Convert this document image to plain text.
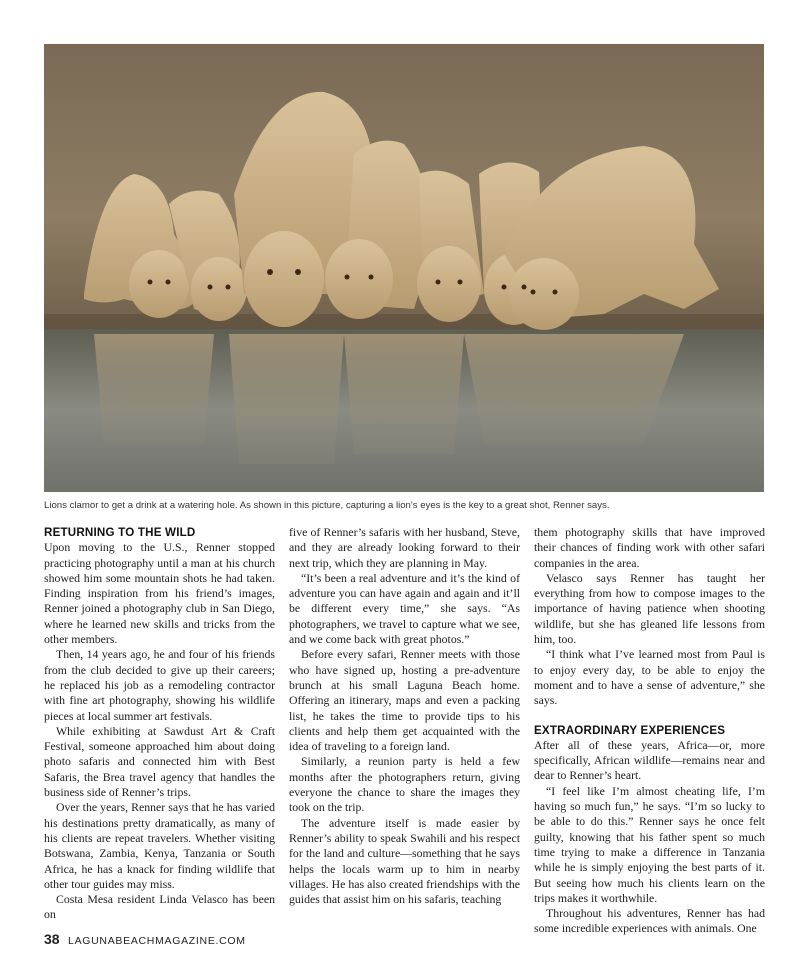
Lions clamor to get a drink at a watering hole. As shown in this picture, capturing a lion's eyes is the key to a great shot, Renner says.
RETURNING TO THE WILD

Upon moving to the U.S., Renner stopped practicing photography until a man at his church showed him some mountain shots he had taken. Finding inspiration from his friend’s images, Renner joined a photography club in San Diego, where he learned new skills and tricks from the other members.

Then, 14 years ago, he and four of his friends from the club decided to give up their careers; he replaced his job as a remodeling contractor with fine art photography, showing his wildlife pieces at local summer art festivals.

While exhibiting at Sawdust Art & Craft Festival, someone approached him about doing photo safaris and connected him with Best Safaris, the Brea travel agency that handles the business side of Renner’s trips.

Over the years, Renner says that he has varied his destinations pretty dramatically, as many of his clients are repeat travelers. Whether visiting Botswana, Zambia, Kenya, Tanzania or South Africa, he has a knack for finding wildlife that other tour guides may miss.

Costa Mesa resident Linda Velasco has been on

five of Renner’s safaris with her husband, Steve, and they are already looking forward to their next trip, which they are planning in May.

“It’s been a real adventure and it’s the kind of adventure you can have again and again and it’ll be different every time,” she says. “As photographers, we travel to capture what we see, and we come back with great photos.”

Before every safari, Renner meets with those who have signed up, hosting a pre-adventure brunch at his small Laguna Beach home. Offering an itinerary, maps and even a packing list, he takes the time to provide tips to his clients and help them get acquainted with the idea of traveling to a foreign land.

Similarly, a reunion party is held a few months after the photographers return, giving everyone the chance to share the images they took on the trip.

The adventure itself is made easier by Renner’s ability to speak Swahili and his respect for the land and culture—something that he says helps the locals warm up to him in nearby villages. He has also created friendships with the guides that assist him on his safaris, teaching

them photography skills that have improved their chances of finding work with other safari companies in the area.

Velasco says Renner has taught her everything from how to compose images to the importance of having patience when shooting wildlife, but she has gleaned life lessons from him, too.

“I think what I’ve learned most from Paul is to enjoy every day, to be able to enjoy the moment and to have a sense of adventure,” she says.

EXTRAORDINARY EXPERIENCES

After all of these years, Africa—or, more specifically, African wildlife—remains near and dear to Renner’s heart.

“I feel like I’m almost cheating life, I’m having so much fun,” he says. “I’m so lucky to be able to do this.” Renner says he once felt guilty, knowing that his father spent so much time trying to make a difference in Tanzania while he is simply enjoying the best parts of it. But seeing how much his clients learn on the trips makes it worthwhile.

Throughout his adventures, Renner has had some incredible experiences with animals. One

38 LAGUNABEACHMAGAZINE.COM
